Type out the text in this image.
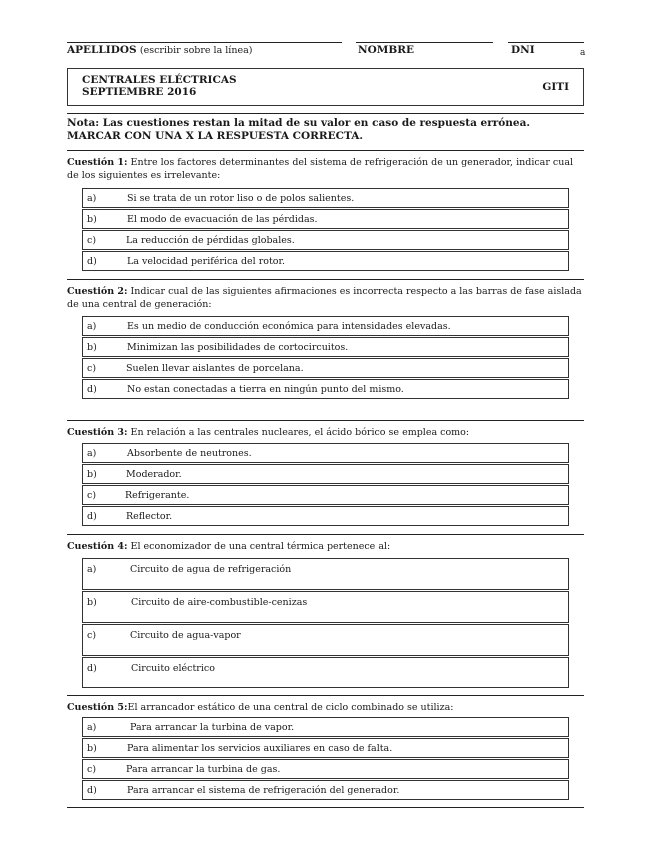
APELLIDOS (escribir sobre la línea)	NOMBRE	DNI	a
CENTRALES ELÉCTRICAS
SEPTIEMBRE 2016	GITI
Nota: Las cuestiones restan la mitad de su valor en caso de respuesta errónea. MARCAR CON UNA X LA RESPUESTA CORRECTA.
Cuestión 1: Entre los factores determinantes del sistema de refrigeración de un generador, indicar cual de los siguientes es irrelevante:
a)	Si se trata de un rotor liso o de polos salientes.
b)	El modo de evacuación de las pérdidas.
c)	La reducción de pérdidas globales.
d)	La velocidad periférica del rotor.
Cuestión 2: Indicar cual de las siguientes afirmaciones es incorrecta respecto a las barras de fase aislada de una central de generación:
a)	Es un medio de conducción económica para intensidades elevadas.
b)	Minimizan las posibilidades de cortocircuitos.
c)	Suelen llevar aislantes de porcelana.
d)	No estan conectadas a tierra en ningún punto del mismo.
Cuestión 3: En relación a las centrales nucleares, el ácido bórico se emplea como:
a)	Absorbente de neutrones.
b)	Moderador.
c)	Refrigerante.
d)	Reflector.
Cuestión 4: El economizador de una central térmica pertenece al:
a)	Circuito de agua de refrigeración
b)	Circuito de aire-combustible-cenizas
c)	Circuito de agua-vapor
d)	Circuito eléctrico
Cuestión 5:El arrancador estático de una central de ciclo combinado se utiliza:
a)	Para arrancar la turbina de vapor.
b)	Para alimentar los servicios auxiliares en caso de falta.
c)	Para arrancar la turbina de gas.
d)	Para arrancar el sistema de refrigeración del generador.
